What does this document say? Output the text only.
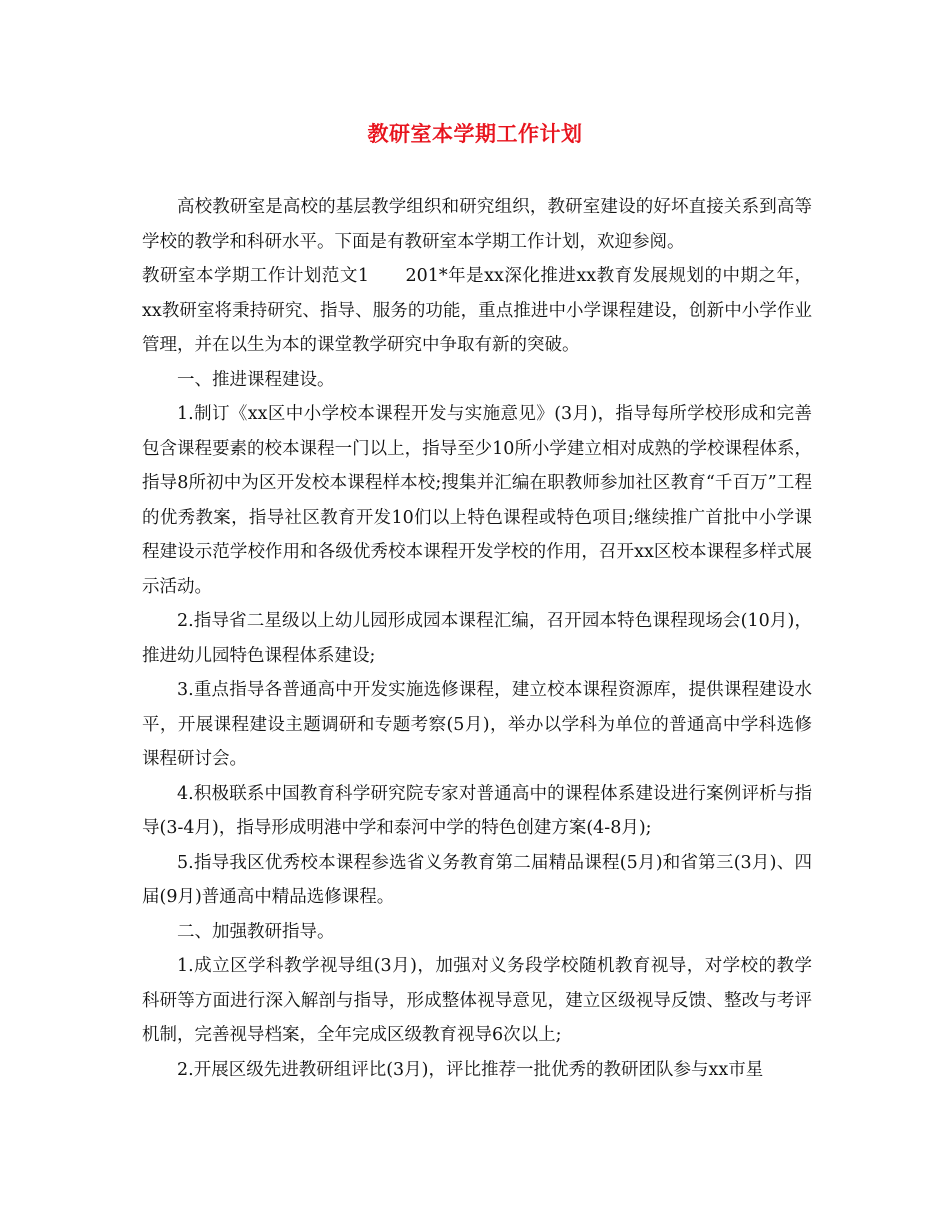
教研室本学期工作计划

高校教研室是高校的基层教学组织和研究组织，教研室建设的好坏直接关系到高等学校的教学和科研水平。下面是有教研室本学期工作计划，欢迎参阅。

教研室本学期工作计划范文1　　201*年是xx深化推进xx教育发展规划的中期之年，xx教研室将秉持研究、指导、服务的功能，重点推进中小学课程建设，创新中小学作业管理，并在以生为本的课堂教学研究中争取有新的突破。

一、推进课程建设。

1.制订《xx区中小学校本课程开发与实施意见》(3月)，指导每所学校形成和完善包含课程要素的校本课程一门以上，指导至少10所小学建立相对成熟的学校课程体系，指导8所初中为区开发校本课程样本校;搜集并汇编在职教师参加社区教育“千百万”工程的优秀教案，指导社区教育开发10们以上特色课程或特色项目;继续推广首批中小学课程建设示范学校作用和各级优秀校本课程开发学校的作用，召开xx区校本课程多样式展示活动。

2.指导省二星级以上幼儿园形成园本课程汇编，召开园本特色课程现场会(10月)，推进幼儿园特色课程体系建设;

3.重点指导各普通高中开发实施选修课程，建立校本课程资源库，提供课程建设水平，开展课程建设主题调研和专题考察(5月)，举办以学科为单位的普通高中学科选修课程研讨会。

4.积极联系中国教育科学研究院专家对普通高中的课程体系建设进行案例评析与指导(3-4月)，指导形成明港中学和泰河中学的特色创建方案(4-8月);

5.指导我区优秀校本课程参选省义务教育第二届精品课程(5月)和省第三(3月)、四届(9月)普通高中精品选修课程。

二、加强教研指导。

1.成立区学科教学视导组(3月)，加强对义务段学校随机教育视导，对学校的教学科研等方面进行深入解剖与指导，形成整体视导意见，建立区级视导反馈、整改与考评机制，完善视导档案，全年完成区级教育视导6次以上;

2.开展区级先进教研组评比(3月)，评比推荐一批优秀的教研团队参与xx市星
